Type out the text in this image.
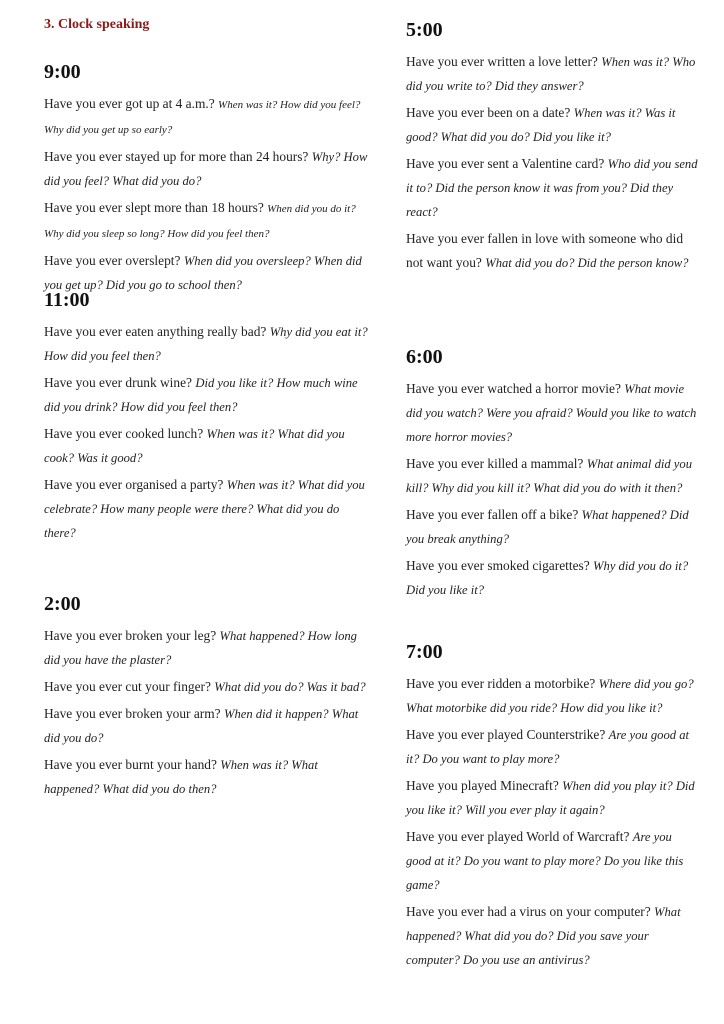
3. Clock speaking
9:00

Have you ever got up at 4 a.m.? When was it? How did you feel? Why did you get up so early?

Have you ever stayed up for more than 24 hours? Why? How did you feel? What did you do?

Have you ever slept more than 18 hours? When did you do it? Why did you sleep so long? How did you feel then?

Have you ever overslept? When did you oversleep? When did you get up? Did you go to school then?

11:00

Have you ever eaten anything really bad? Why did you eat it? How did you feel then?

Have you ever drunk wine? Did you like it? How much wine did you drink? How did you feel then?

Have you ever cooked lunch? When was it? What did you cook? Was it good?

Have you ever organised a party? When was it? What did you celebrate? How many people were there? What did you do there?

2:00

Have you ever broken your leg? What happened? How long did you have the plaster?

Have you ever cut your finger? What did you do? Was it bad?

Have you ever broken your arm? When did it happen? What did you do?

Have you ever burnt your hand? When was it? What happened? What did you do then?

5:00

Have you ever written a love letter? When was it? Who did you write to? Did they answer?

Have you ever been on a date? When was it? Was it good? What did you do? Did you like it?

Have you ever sent a Valentine card? Who did you send it to? Did the person know it was from you? Did they react?

Have you ever fallen in love with someone who did not want you? What did you do? Did the person know?

6:00

Have you ever watched a horror movie? What movie did you watch? Were you afraid? Would you like to watch more horror movies?

Have you ever killed a mammal? What animal did you kill? Why did you kill it? What did you do with it then?

Have you ever fallen off a bike? What happened? Did you break anything?

Have you ever smoked cigarettes? Why did you do it? Did you like it?

7:00

Have you ever ridden a motorbike? Where did you go? What motorbike did you ride? How did you like it?

Have you ever played Counterstrike? Are you good at it? Do you want to play more?

Have you played Minecraft? When did you play it? Did you like it? Will you ever play it again?

Have you ever played World of Warcraft? Are you good at it? Do you want to play more? Do you like this game?

Have you ever had a virus on your computer? What happened? What did you do? Did you save your computer? Do you use an antivirus?
